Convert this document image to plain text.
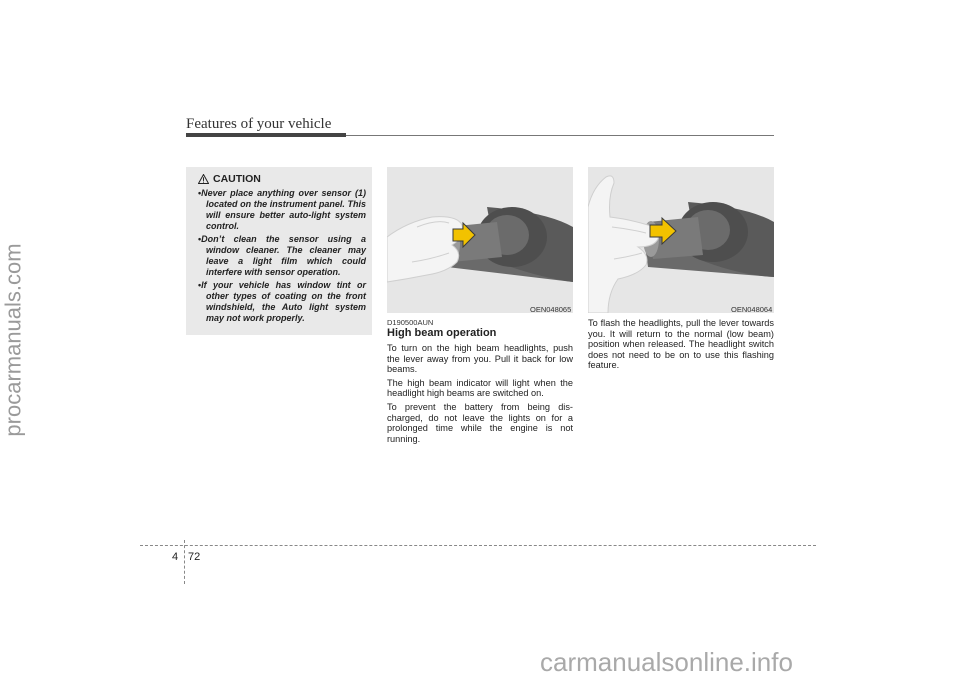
procarmanuals.com
Features of your vehicle
CAUTION
• Never place anything over sensor (1) located on the instrument panel. This will ensure better auto-light system control.
• Don’t clean the sensor using a window cleaner. The cleaner may leave a light film which could interfere with sensor operation.
• If your vehicle has window tint or other types of coating on the front windshield, the Auto light system may not work properly.
OEN048065	OEN048064
D190500AUN
High beam operation

To turn on the high beam headlights, push the lever away from you. Pull it back for low beams.

The high beam indicator will light when the headlight high beams are switched on.

To prevent the battery from being dis-charged, do not leave the lights on for a prolonged time while the engine is not running.

To flash the headlights, pull the lever towards you. It will return to the normal (low beam) position when released. The headlight switch does not need to be on to use this flashing feature.

4 72
carmanualsonline.info
